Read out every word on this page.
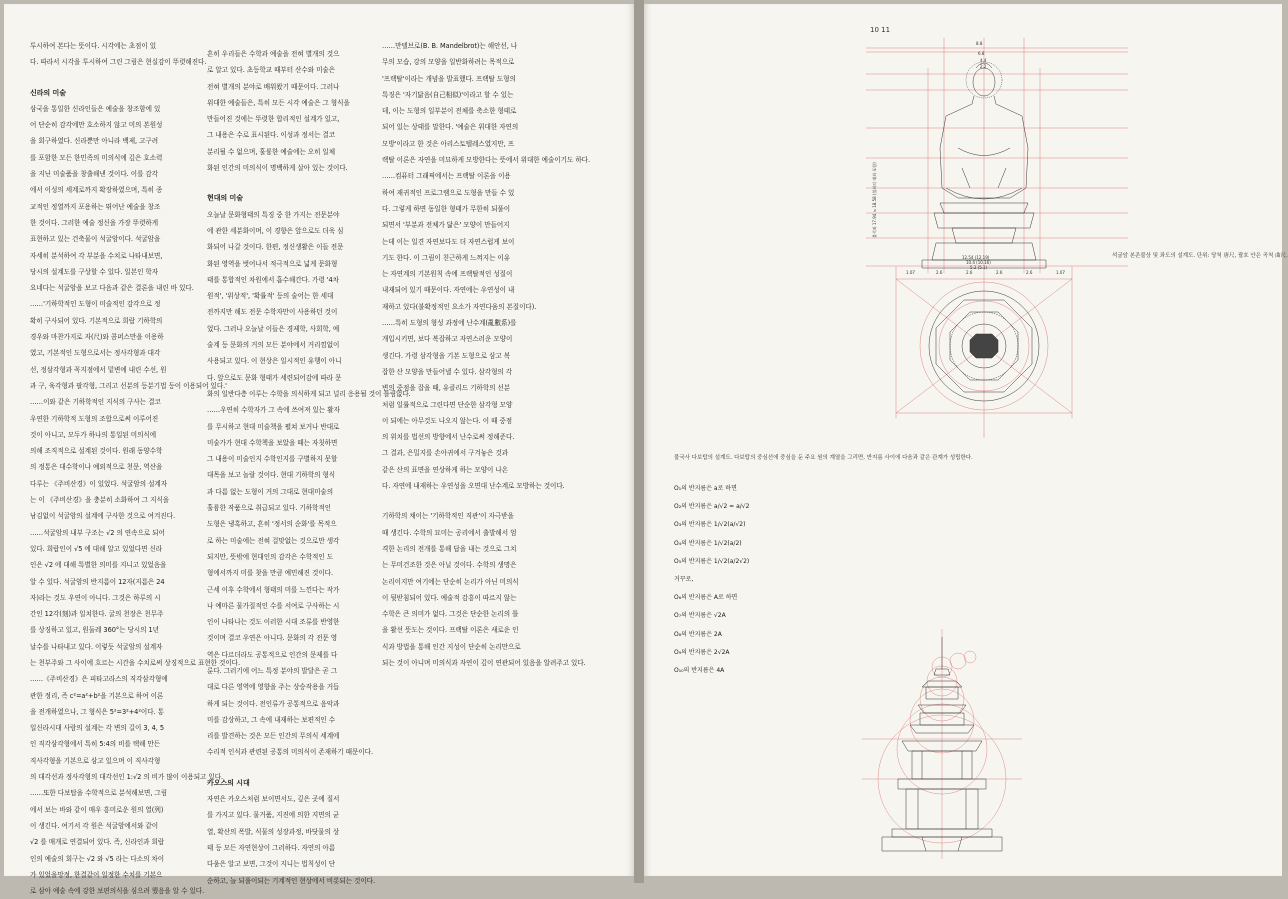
투시하여 본다는 뜻이다. 시각에는 초점이 있

다. 따라서 시각을 투시하여 그린 그림은 현실감이 뚜렷해진다.

신라의 미술

삼국을 통일한 신라인들은 예술을 창조함에 있

어 단순히 감각에만 호소하지 않고 미의 본원성

을 회구하였다. 신라뿐만 아니라 백제, 고구려

를 포함한 모든 한민족의 미의식에 깊은 호소력

을 지닌 미술품을 창출해낸 것이다. 이를 감각

에서 이성의 세계로까지 확장하였으며, 특히 종

교적인 정열까지 포용하는 뛰어난 예술을 창조

한 것이다. 그러한 예술 정신을 가장 뚜렷하게

표현하고 있는 건축물이 석굴암이다. 석굴암을

자세히 분석하여 각 부분을 수치로 나타내보면,

당시의 설계도를 구상할 수 있다. 일본인 학자

요네다는 석굴암을 보고 다음과 같은 결론을 내린 바 있다.

……'기하학적인 도형이 미술적인 감각으로 정

확히 구사되어 있다. 기본적으로 희랍 기하학의

경우와 마찬가지로 자(尺)와 콤퍼스만을 이용하

였고, 기본적인 도형으로서는 정사각형과 대각

선, 정삼각형과 꼭지점에서 밑변에 내린 수선, 원

과 구, 육각형과 팔각형, 그리고 선분의 등분기법 등이 이용되어 있다.'

……이와 같은 기하학적인 지식의 구사는 결코

우연한 기하학적 도형의 조합으로써 이루어진

것이 아니고, 모두가 하나의 통일된 미의식에

의해 조직적으로 설계된 것이다. 원래 동양수학

의 정통은 대수학이나 예외적으로 천문, 역산을

다루는 《주비산경》이 있었다. 석굴암의 설계자

는 이 《주비산경》을 충분히 소화하여 그 지식을

남김없이 석굴암의 설계에 구사한 것으로 여겨진다.

……석굴암의 내부 구조는 √2 의 연속으로 되어

있다. 희랍인이 √5 에 대해 알고 있었다면 신라

인은 √2 에 대해 특별한 의미를 지니고 있었음을

알 수 있다. 석굴암의 반지름이 12자(지름은 24

자)라는 것도 우연이 아니다. 그것은 하루의 시

간인 12각(刻)과 일치한다. 굴의 천장은 천무주

를 상징하고 있고, 원둘레 360°는 당시의 1년

날수를 나타내고 있다. 이렇듯 석굴암의 설계자

는 천부주와 그 사이에 흐르는 시간을 수치로써 상징적으로 표현한 것이다.

……《주비산경》은 피타고라스의 직각삼각형에

관한 정리, 즉 c²=a²+b²을 기본으로 하여 이론

을 전개하였으나, 그 형식은 5²=3²+4²이다. 통

일신라시대 사람의 설계는 각 변의 길이 3, 4, 5

인 직각삼각형에서 특히 5:4의 비를 택해 만든

직사각형을 기본으로 삼고 있으며 이 직사각형

의 대각선과 정사각형의 대각선인 1:√2 의 비가 많이 이용되고 있다.

……또한 다보탑을 수학적으로 분석해보면, 그림

에서 보는 바와 같이 매우 흥미로운 원의 열(列)

이 생긴다. 여기서 각 원은 석굴암에서와 같이

√2 를 매개로 연결되어 있다. 즉, 신라인과 희랍

인의 예술의 회구는 √2 와 √5 라는 다소의 차이

가 있었을망정, 한결같이 일정한 수치를 기본으

로 삼아 예술 속에 강한 보편의식을 심으려 했음을 알 수 있다.

흔히 우리들은 수학과 예술을 전혀 별개의 것으

로 알고 있다. 초등학교 때부터 산수와 미술은

전혀 별개의 분야로 배워왔기 때문이다. 그러나

위대한 예술들은, 특히 모든 시각 예술은 그 형식을

만들어진 것에는 뚜렷한 합리적인 설계가 있고,

그 내용은 수로 표시된다. 이성과 정서는 결코

분리될 수 없으며, 훌륭한 예술에는 오히 일체

화된 인간의 미의식이 명백하게 살아 있는 것이다.

현대의 미술

오늘날 문화형태의 특징 중 한 가지는 전문분야

에 관한 세분화이며, 이 경향은 앞으로도 더욱 심

화되어 나갈 것이다. 한편, 정신생활은 이들 전문

화된 영역을 벗어나서 적극적으로 넓게 문화형

태를 통합적인 차원에서 흡수해간다. 가령 '4차

원적', '위상적', '확률적' 등의 술어는 한 세대

전까지만 해도 전문 수학자만이 사용하던 것이

었다. 그러나 오늘날 이들은 경제학, 사회학, 예

술계 등 문화의 거의 모든 분야에서 거리낌없이

사용되고 있다. 이 현상은 일시적인 유행이 아니

다. 앞으로도 문화 형태가 세련되어감에 따라 문

화의 일반다층 이루는 수학을 의식하게 되고 널리 응용될 것이 틀림없다.

……우연히 수학자가 그 속에 쓰여져 있는 활자

를 무시하고 현대 미술책을 펼쳐 보거나 반대로

미술가가 현대 수학책을 보았을 때는 자칫하면

그 내용이 미술인지 수학인지를 구별하지 못할

대목을 보고 놀랄 것이다. 현대 기하학의 형식

과 다름 없는 도형이 거의 그대로 현대미술의

훌륭한 작품으로 취급되고 있다. 기하학적인

도형은 냉혹하고, 흔히 '정서의 순화'를 목적으

로 하는 미술에는 전혀 걸맞없는 것으로만 생각

되지만, 뜻밖에 현대인의 감각은 수학적인 도

형에서까지 미를 찾을 만큼 예민해진 것이다.

근세 이후 수학에서 형태의 미를 느낀다는 작가

나 예마른 물가질적인 수를 서여로 구사하는 시

인이 나타나는 것도 이러한 시대 조류를 반영한

것이며 결코 우연은 아니다. 문화의 각 전문 영

역은 다르더라도 공통적으로 인간의 문제를 다

룬다. 그러기에 어느 특정 분야의 발달은 곧 그

대로 다른 영역에 영향을 주는 상승작용을 거듭

하게 되는 것이다. 전인류가 공통적으로 음악과

미를 감상하고, 그 속에 내재하는 보편적인 수

리를 발견하는 것은 모든 인간의 무의식 세계에

수리적 인식과 관련된 공통의 미의식이 존재하기 때문이다.

카오스의 시대

자연은 카오스처럼 보이면서도, 깊은 곳에 질서

를 가지고 있다. 물거품, 지진에 의한 지면의 균

열, 확산의 폭발, 식물의 성장과정, 바닷물의 상

태 등 모든 자연현상이 그러하다. 자연의 아름

다움은 알고 보면, 그것이 지니는 법칙성이 단

순하고, 늘 되풀이되는 기계적인 현상에서 비롯되는 것이다.

……만델브로(B. B. Mandelbrot)는 해안선, 나

무의 모습, 강의 모양을 일반화하려는 목적으로

'프랙탈'이라는 개념을 발표했다. 프랙탈 도형의

특징은 '자기닮음(自己相似)'이라고 할 수 있는

데, 이는 도형의 일부분이 전체를 축소한 형태로

되어 있는 상태를 말한다. '예술은 위대한 자연의

모방'이라고 한 것은 아리스토텔레스였지만, 프

랙탈 이론은 자연을 미묘하게 모방한다는 뜻에서 위대한 예술이기도 하다.

……컴퓨터 그래픽에서는 프랙탈 이론을 이용

하여 재귀적인 프로그램으로 도형을 만들 수 있

다. 그렇게 하면 동일한 형태가 무한히 되풀이

되면서 '부분과 전체가 닮은' 모양이 만들어지

는데 이는 일견 자연보다도 더 자연스럽게 보이

기도 한다. 이 그림이 친근하게 느껴지는 이유

는 자연계의 기본원칙 속에 프랙탈적인 성질이

내재되어 있기 때문이다. 자연에는 우연성이 내

재하고 있다(불확정적인 요소가 자연다움의 본질이다).

……특히 도형의 형성 과정에 난수계(亂數系)를

개입시키면, 보다 복잡하고 자연스러운 모양이

생긴다. 가령 삼각형을 기본 도형으로 삼고 복

잡한 산 모양을 만들어낼 수 있다. 삼각형의 각

변의 중점을 잡을 때, 유클리드 기하학의 선분

처럼 일률적으로 그린다면 단순한 삼각형 모양

이 되에는 아무것도 나오지 않는다. 이 때 중점

의 위치를 법선의 방향에서 난수로써 정해준다.

그 결과, 은밀지를 손아귀에서 구겨놓은 것과

같은 산의 표면을 연상하게 하는 모양이 나온

다. 자연에 내재하는 우연성을 오면대 난수계로 모방하는 것이다.

기하학의 채이는 '기하학적인 직관'이 자극받을

때 생긴다. 수학의 묘미는 공리에서 출발해서 엄

격한 논리의 전개를 통해 답을 내는 것으로 그치

는 무미건조한 것은 아닐 것이다. 수학의 생명은

논리이지만 여기에는 단순히 논리가 아닌 미의식

이 뒷받침되어 있다. 예술적 감흥이 따르지 않는

수학은 큰 의미가 없다. 그것은 단순한 논리의 틀

을 활선 뜻도는 것이다. 프랙탈 이론은 새로운 인

식과 방법을 통해 인간 지성이 단순히 논리만으로

되는 것이 아니며 미의식과 자연이 깊이 연관되어 있음을 알려주고 있다.

10 11
8.8
6.8
4.4
2.2
12.54 (12.19)
10.4 (10.16)
5.2 (5.1)
1.07	2.6	2.6	2.6	2.6	1.07
불석좌 17.94 ≒ 18.58 (불좌의 대좌 포함)
석굴암 본존불상 및 좌도의 설계도. 단위: 당척 唐尺, 괄호 안은 곡척 曲尺.
불국사 다보탑의 설계도. 다보탑의 중심선에 중심을 둔 주요 원의 계열을 그리면, 반지름 사이에 다음과 같은 관계가 성립한다.

O₁의 반지름은 a로 하면

O₂의 반지름은 a/√2 = a/√2

O₃의 반지름은 1/√2(a/√2)

O₄의 반지름은 1/√2(a/2)

O₅의 반지름은 1/√2(a/2√2)

거꾸로,

O₆의 반지름은 A로 하면

O₇의 반지름은 √2A

O₈의 반지름은 2A

O₉의 반지름은 2√2A

O₁₀의 반지름은 4A
